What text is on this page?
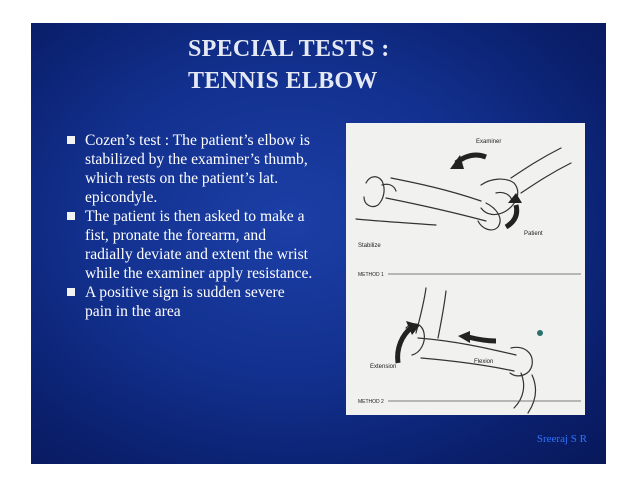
SPECIAL TESTS :
TENNIS ELBOW
Cozen’s test : The patient’s elbow is stabilized by the examiner’s thumb, which rests on the patient’s lat. epicondyle.
The patient is then asked to make a fist, pronate the forearm, and radially deviate and extent the wrist while the examiner apply resistance.
A positive sign is sudden severe pain in the area
Examiner
Patient
Stabilize
METHOD 1
Extension
Flexion
METHOD 2
Sreeraj S R
